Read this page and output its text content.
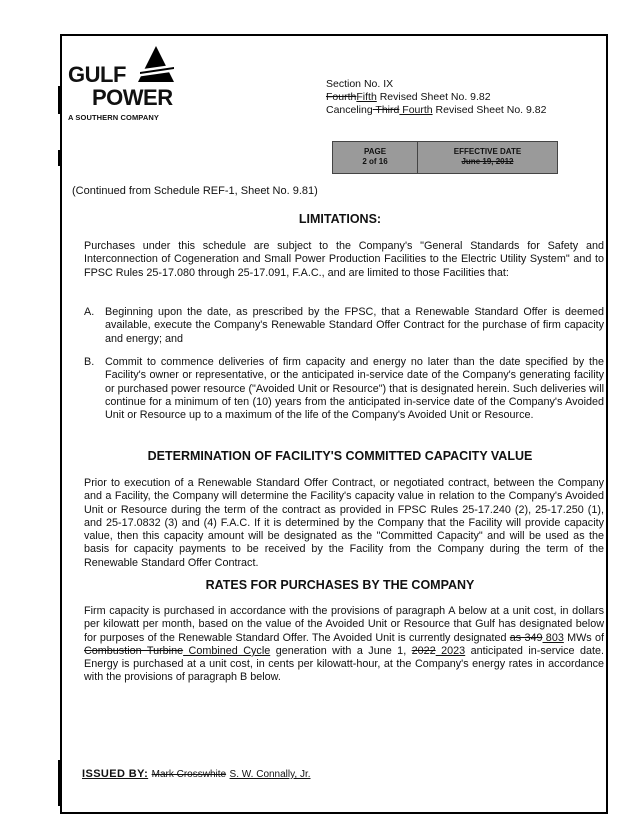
GULF
POWER
A SOUTHERN COMPANY
Section No. IX
FourthFifth Revised Sheet No. 9.82
Canceling Third Fourth Revised Sheet No. 9.82
PAGE
2 of 16
EFFECTIVE DATE
June 19, 2012
(Continued from Schedule REF-1, Sheet No. 9.81)
LIMITATIONS:
Purchases under this schedule are subject to the Company's "General Standards for Safety and Interconnection of Cogeneration and Small Power Production Facilities to the Electric Utility System" and to FPSC Rules 25-17.080 through 25-17.091, F.A.C., and are limited to those Facilities that:
A. Beginning upon the date, as prescribed by the FPSC, that a Renewable Standard Offer is deemed available, execute the Company's Renewable Standard Offer Contract for the purchase of firm capacity and energy; and
B. Commit to commence deliveries of firm capacity and energy no later than the date specified by the Facility's owner or representative, or the anticipated in-service date of the Company's generating facility or purchased power resource ("Avoided Unit or Resource") that is designated herein. Such deliveries will continue for a minimum of ten (10) years from the anticipated in-service date of the Company's Avoided Unit or Resource up to a maximum of the life of the Company's Avoided Unit or Resource.
DETERMINATION OF FACILITY'S COMMITTED CAPACITY VALUE
Prior to execution of a Renewable Standard Offer Contract, or negotiated contract, between the Company and a Facility, the Company will determine the Facility's capacity value in relation to the Company's Avoided Unit or Resource during the term of the contract as provided in FPSC Rules 25-17.240 (2), 25-17.250 (1), and 25-17.0832 (3) and (4) F.A.C. If it is determined by the Company that the Facility will provide capacity value, then this capacity amount will be designated as the "Committed Capacity" and will be used as the basis for capacity payments to be received by the Facility from the Company during the term of the Renewable Standard Offer Contract.
RATES FOR PURCHASES BY THE COMPANY
Firm capacity is purchased in accordance with the provisions of paragraph A below at a unit cost, in dollars per kilowatt per month, based on the value of the Avoided Unit or Resource that Gulf has designated below for purposes of the Renewable Standard Offer. The Avoided Unit is currently designated as 349 803 MWs of Combustion Turbine Combined Cycle generation with a June 1, 2022 2023 anticipated in-service date. Energy is purchased at a unit cost, in cents per kilowatt-hour, at the Company's energy rates in accordance with the provisions of paragraph B below.
ISSUED BY: Mark Crosswhite S. W. Connally, Jr.
